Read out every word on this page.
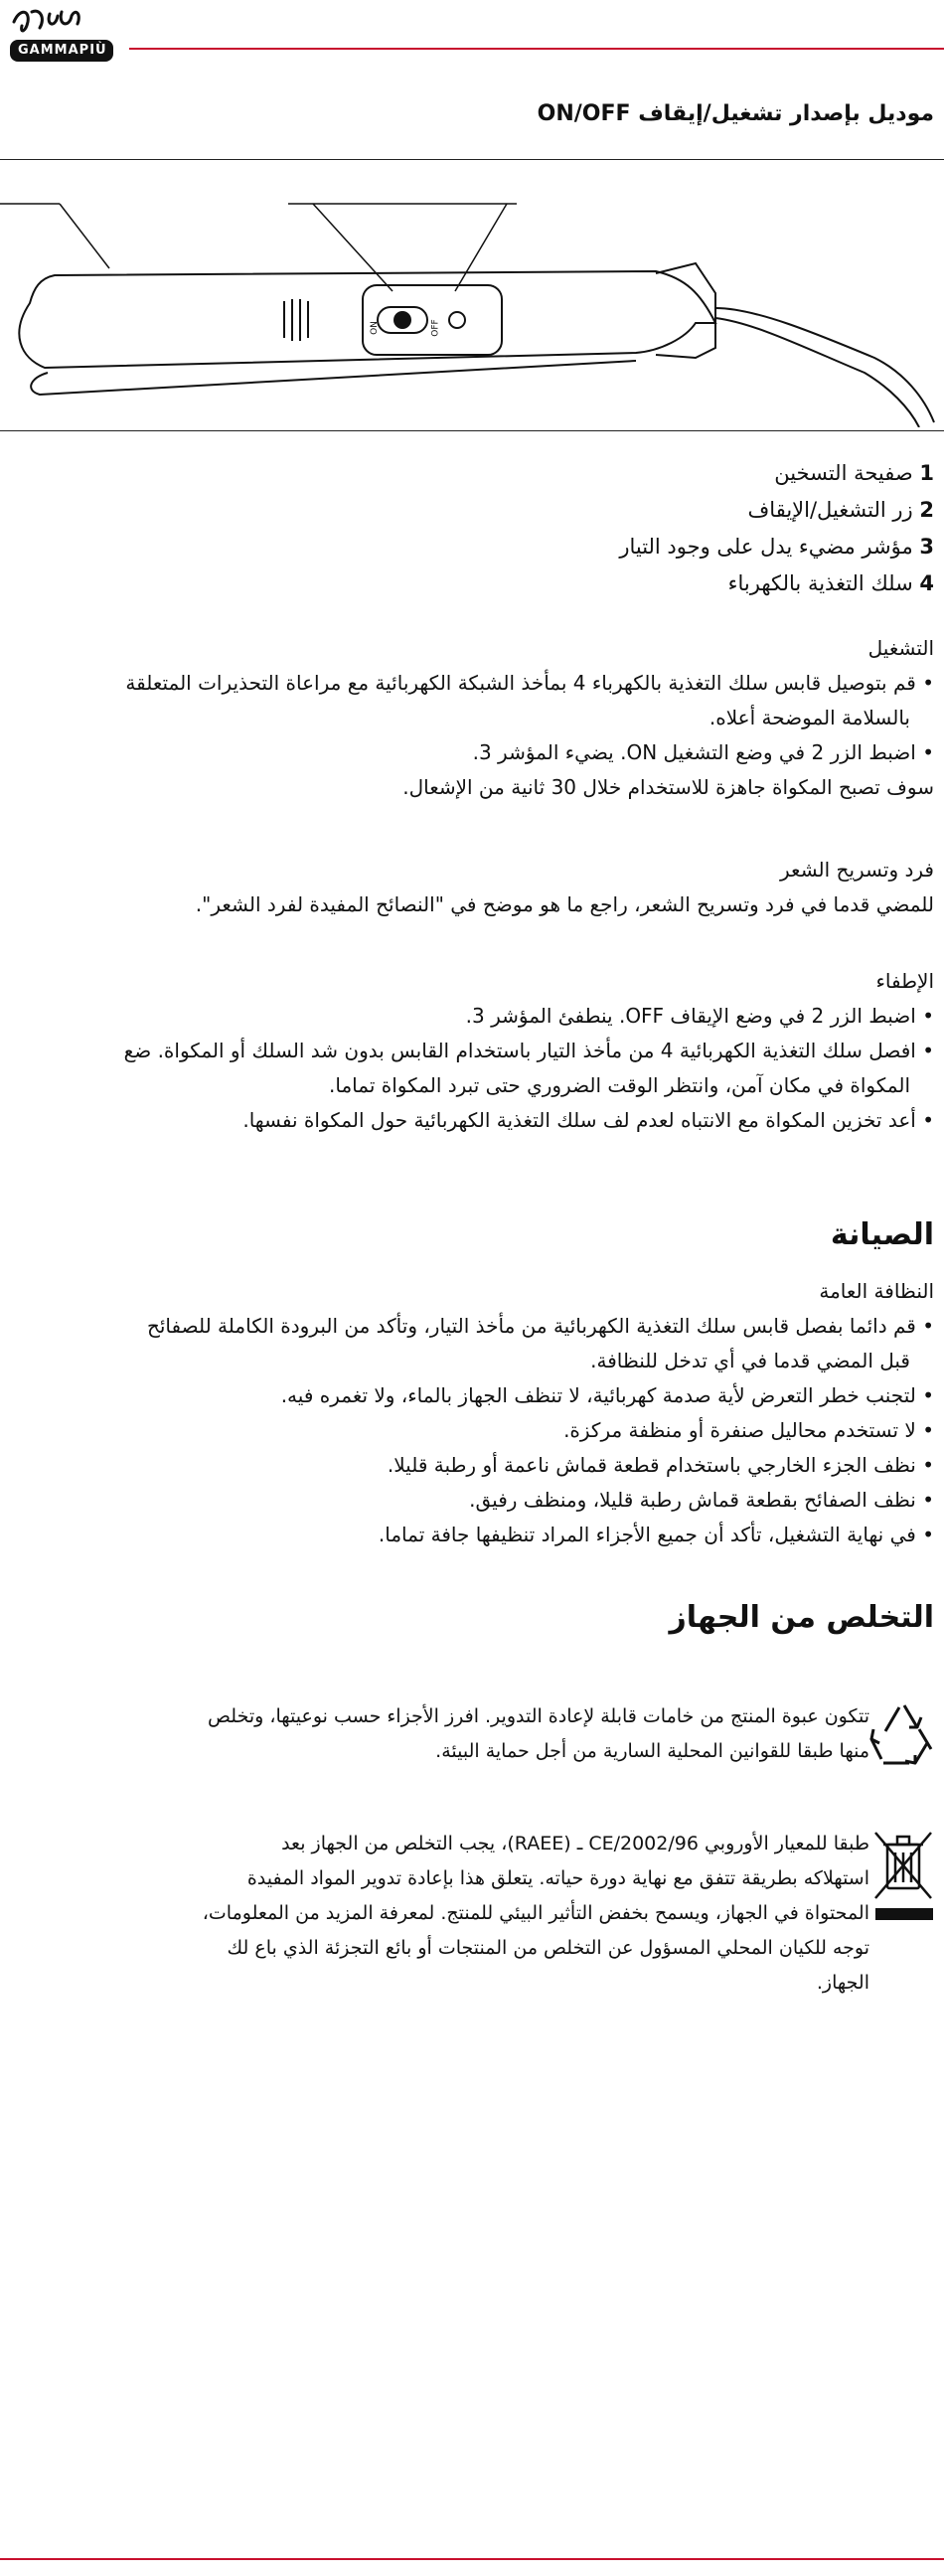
GAMMAPIÙ
موديل بإصدار تشغيل/إيقاف ON/OFF
ON	OFF
1 صفيحة التسخين
2 زر التشغيل/الإيقاف
3 مؤشر مضيء يدل على وجود التيار
4 سلك التغذية بالكهرباء
التشغيل
• قم بتوصيل قابس سلك التغذية بالكهرباء 4 بمأخذ الشبكة الكهربائية مع مراعاة التحذيرات المتعلقة
بالسلامة الموضحة أعلاه.
• اضبط الزر 2 في وضع التشغيل ON. يضيء المؤشر 3.
سوف تصبح المكواة جاهزة للاستخدام خلال 30 ثانية من الإشعال.
فرد وتسريح الشعر
للمضي قدما في فرد وتسريح الشعر، راجع ما هو موضح في "النصائح المفيدة لفرد الشعر".
الإطفاء
• اضبط الزر 2 في وضع الإيقاف OFF. ينطفئ المؤشر 3.
• افصل سلك التغذية الكهربائية 4 من مأخذ التيار باستخدام القابس بدون شد السلك أو المكواة. ضع
المكواة في مكان آمن، وانتظر الوقت الضروري حتى تبرد المكواة تماما.
• أعد تخزين المكواة مع الانتباه لعدم لف سلك التغذية الكهربائية حول المكواة نفسها.
الصيانة
النظافة العامة
• قم دائما بفصل قابس سلك التغذية الكهربائية من مأخذ التيار، وتأكد من البرودة الكاملة للصفائح
قبل المضي قدما في أي تدخل للنظافة.
• لتجنب خطر التعرض لأية صدمة كهربائية، لا تنظف الجهاز بالماء، ولا تغمره فيه.
• لا تستخدم محاليل صنفرة أو منظفة مركزة.
• نظف الجزء الخارجي باستخدام قطعة قماش ناعمة أو رطبة قليلا.
• نظف الصفائح بقطعة قماش رطبة قليلا، ومنظف رفيق.
• في نهاية التشغيل، تأكد أن جميع الأجزاء المراد تنظيفها جافة تماما.
التخلص من الجهاز
تتكون عبوة المنتج من خامات قابلة لإعادة التدوير. افرز الأجزاء حسب نوعيتها، وتخلص
منها طبقا للقوانين المحلية السارية من أجل حماية البيئة.
طبقا للمعيار الأوروبي CE/2002/96 ـ (RAEE)، يجب التخلص من الجهاز بعد
استهلاكه بطريقة تتفق مع نهاية دورة حياته. يتعلق هذا بإعادة تدوير المواد المفيدة
المحتواة في الجهاز، ويسمح بخفض التأثير البيئي للمنتج. لمعرفة المزيد من المعلومات،
توجه للكيان المحلي المسؤول عن التخلص من المنتجات أو بائع التجزئة الذي باع لك
الجهاز.
